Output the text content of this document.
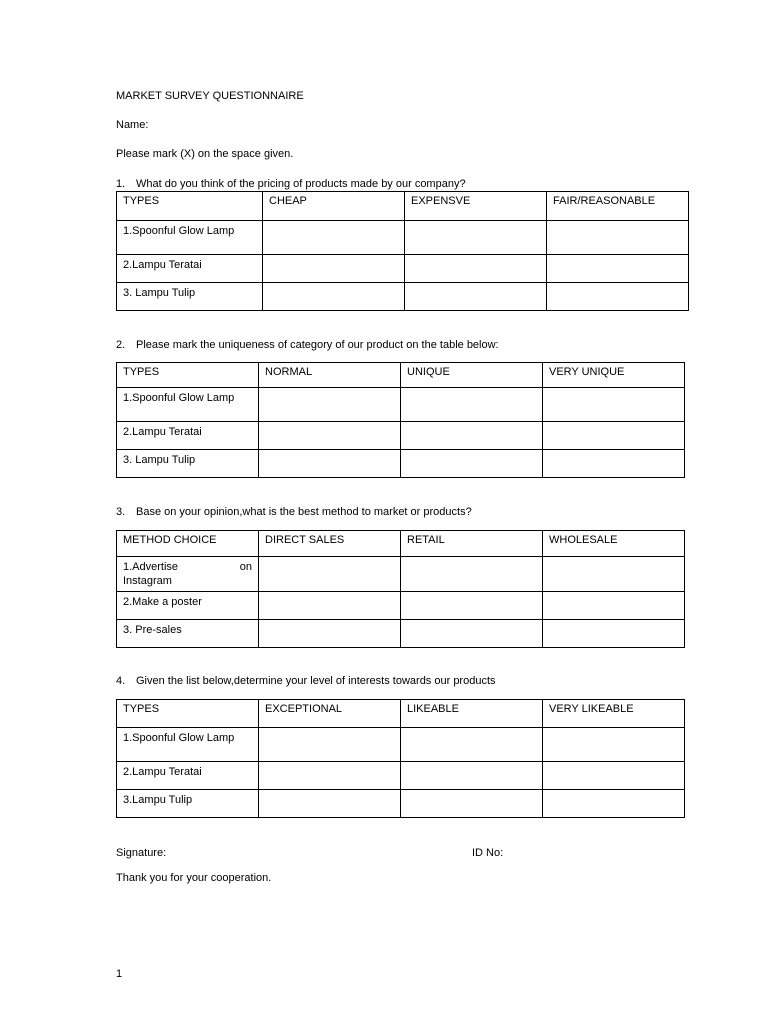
MARKET SURVEY QUESTIONNAIRE
Name:
Please mark (X) on the space given.
1. What do you think of the pricing of products made by our company?
TYPES	CHEAP	EXPENSVE	FAIR/REASONABLE
1.Spoonful Glow Lamp			
2.Lampu Teratai			
3. Lampu Tulip			
2. Please mark the uniqueness of category of our product on the table below:
TYPES	NORMAL	UNIQUE	VERY UNIQUE
1.Spoonful Glow Lamp			
2.Lampu Teratai			
3. Lampu Tulip			
3. Base on your opinion,what is the best method to market or products?
METHOD CHOICE	DIRECT SALES	RETAIL	WHOLESALE

1.Advertise on
Instagram			

2.Make a poster			
3. Pre-sales			
4. Given the list below,determine your level of interests towards our products
TYPES	EXCEPTIONAL	LIKEABLE	VERY LIKEABLE
1.Spoonful Glow Lamp			
2.Lampu Teratai			
3.Lampu Tulip			
Signature:	ID No:
Thank you for your cooperation.
1
